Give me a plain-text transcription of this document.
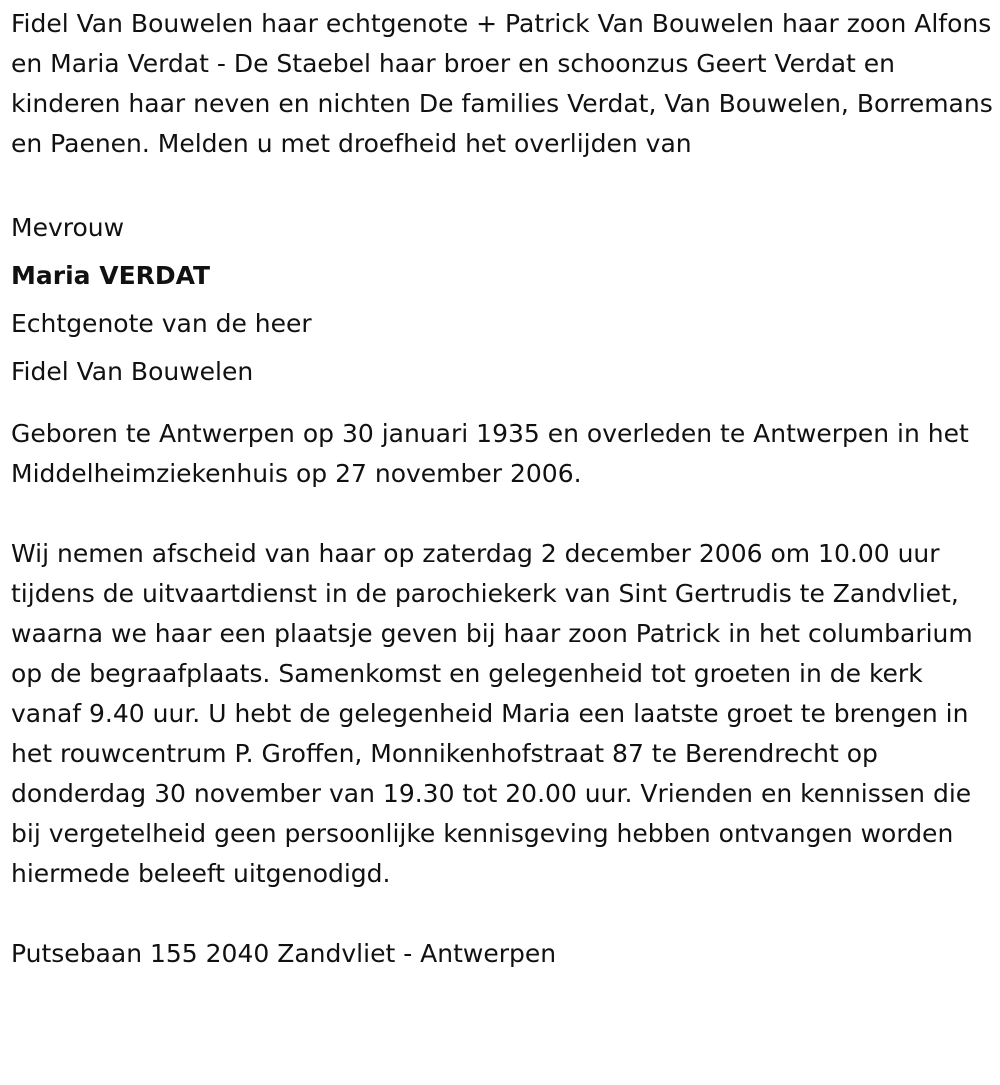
Fidel Van Bouwelen haar echtgenote + Patrick Van Bouwelen haar zoon Alfons en Maria Verdat - De Staebel haar broer en schoonzus Geert Verdat en kinderen haar neven en nichten De families Verdat, Van Bouwelen, Borremans en Paenen. Melden u met droefheid het overlijden van

Mevrouw

Maria VERDAT

Echtgenote van de heer

Fidel Van Bouwelen

Geboren te Antwerpen op 30 januari 1935 en overleden te Antwerpen in het Middelheimziekenhuis op 27 november 2006.

Wij nemen afscheid van haar op zaterdag 2 december 2006 om 10.00 uur tijdens de uitvaartdienst in de parochiekerk van Sint Gertrudis te Zandvliet, waarna we haar een plaatsje geven bij haar zoon Patrick in het columbarium op de begraafplaats. Samenkomst en gelegenheid tot groeten in de kerk vanaf 9.40 uur. U hebt de gelegenheid Maria een laatste groet te brengen in het rouwcentrum P. Groffen, Monnikenhofstraat 87 te Berendrecht op donderdag 30 november van 19.30 tot 20.00 uur. Vrienden en kennissen die bij vergetelheid geen persoonlijke kennisgeving hebben ontvangen worden hiermede beleeft uitgenodigd.

Putsebaan 155 2040 Zandvliet - Antwerpen
